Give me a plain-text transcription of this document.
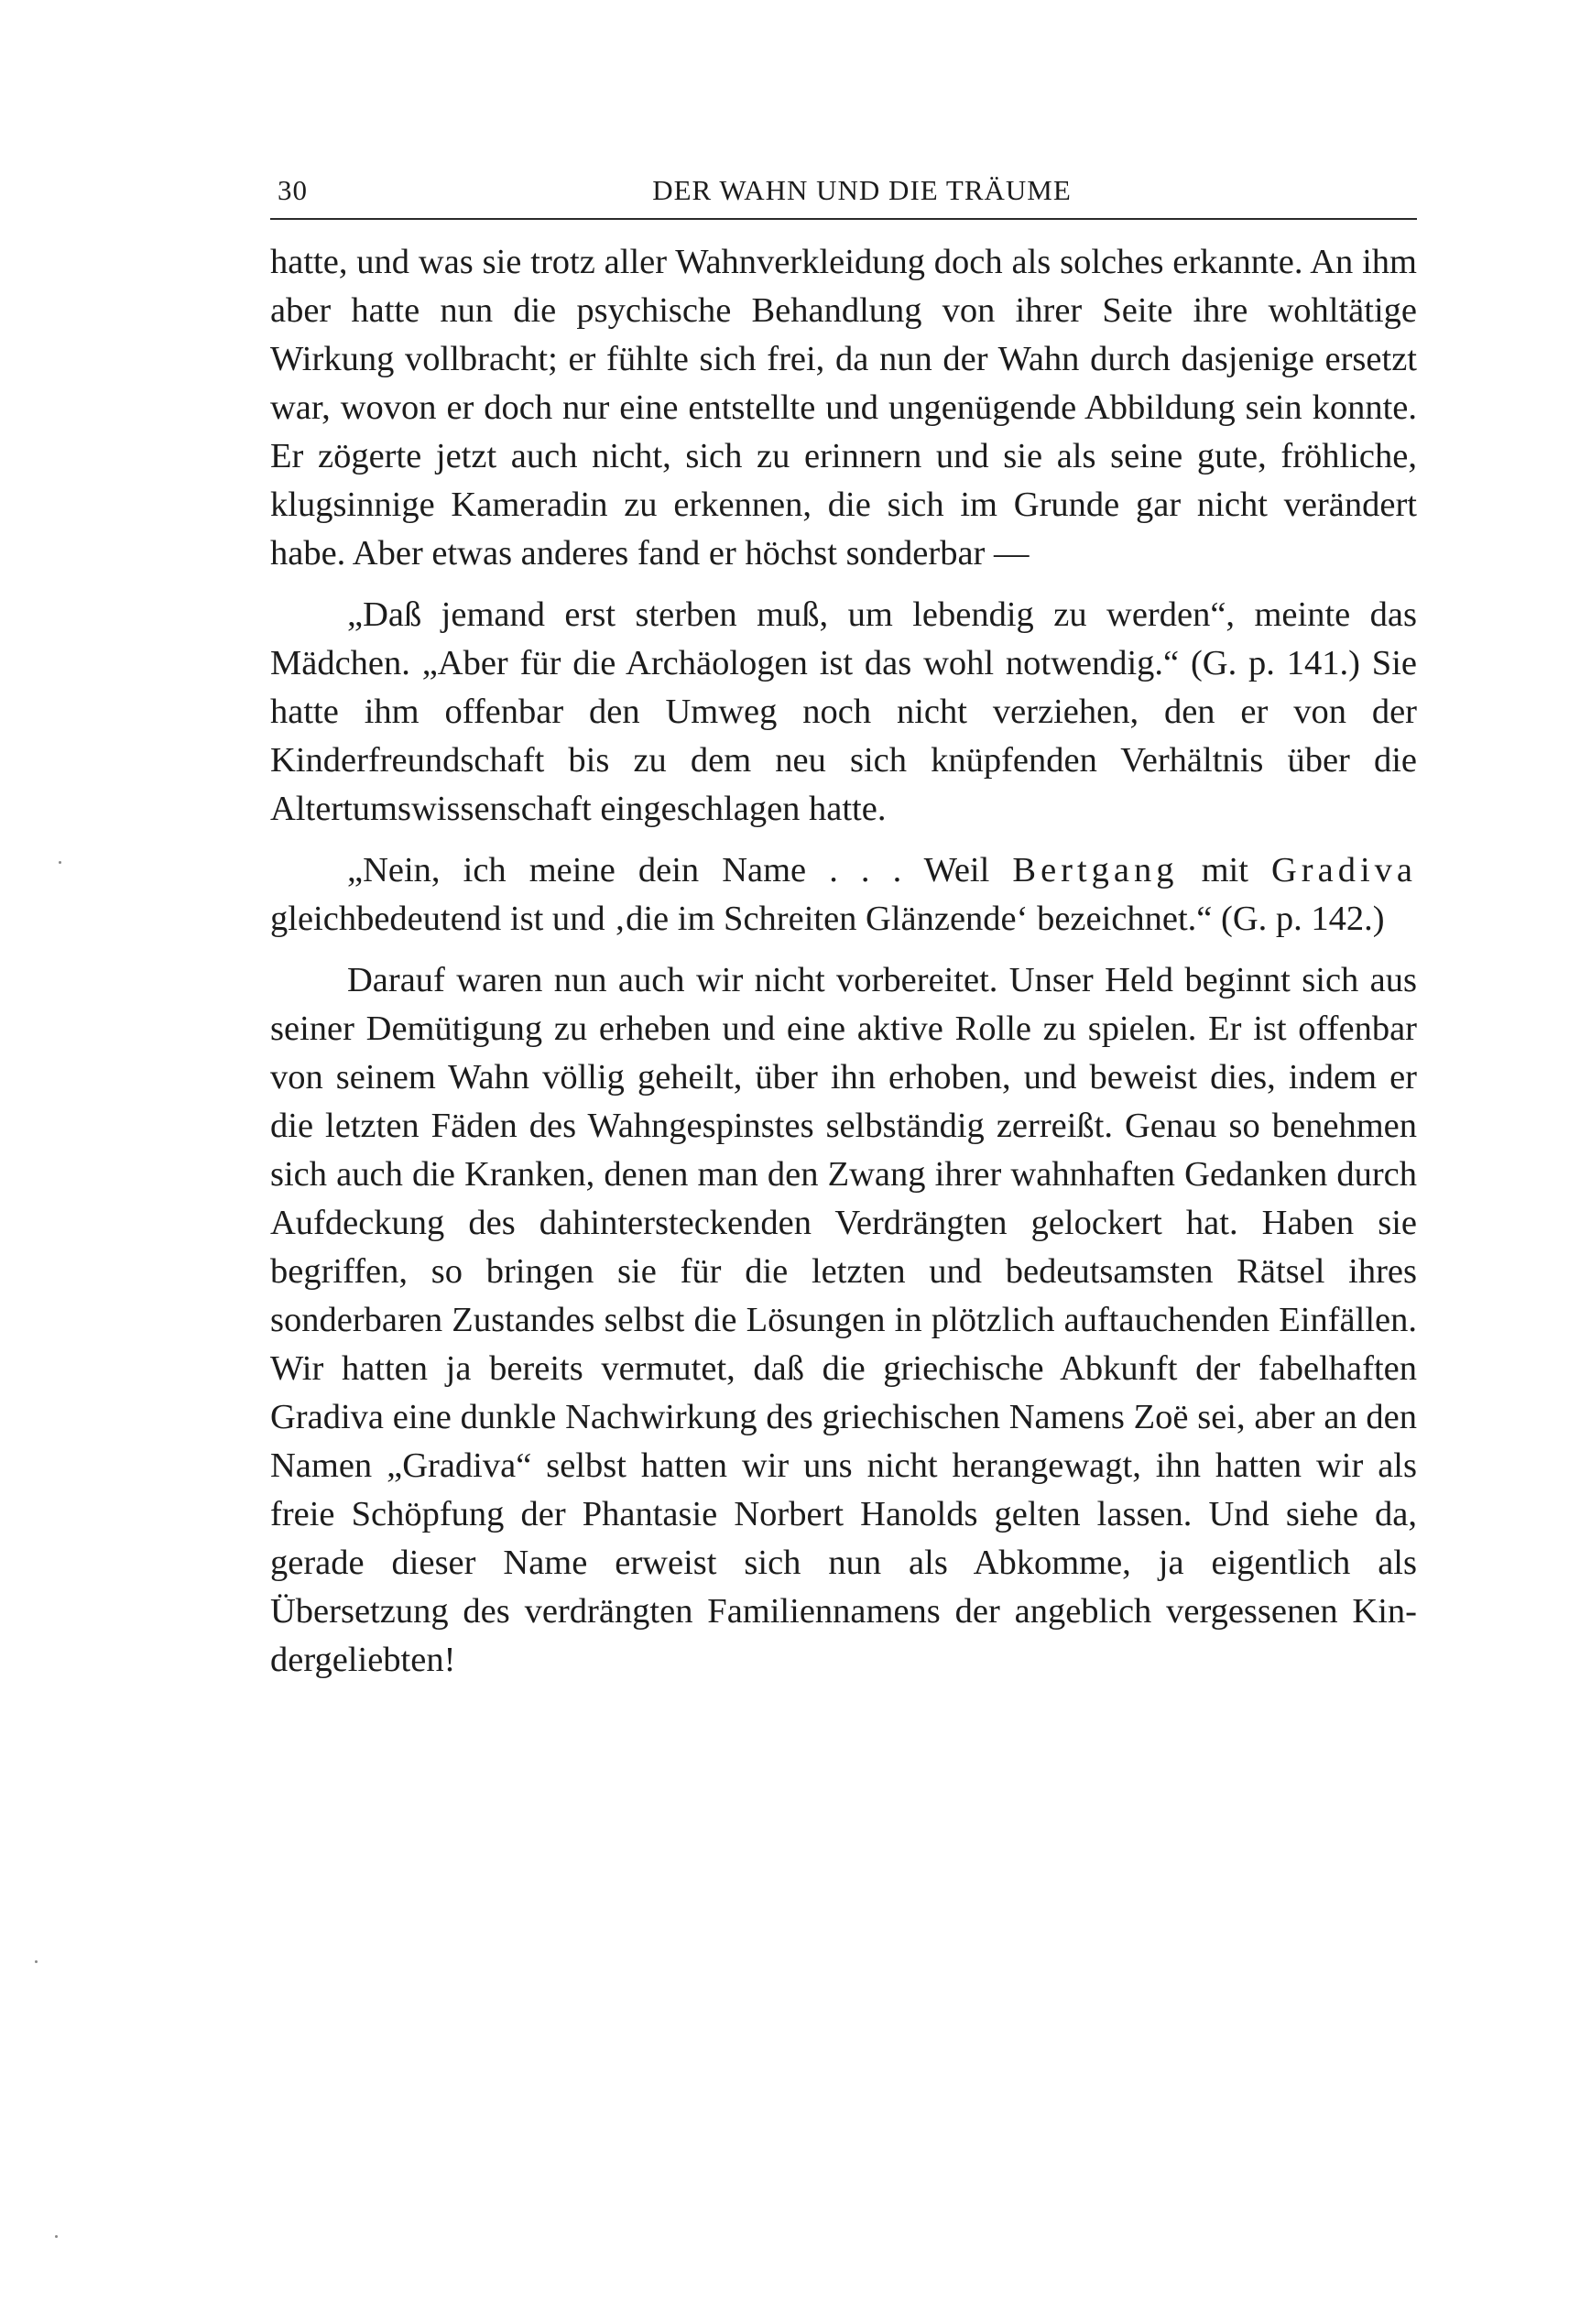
30	DER WAHN UND DIE TRÄUME

hatte, und was sie trotz aller Wahnverkleidung doch als solches erkannte. An ihm aber hatte nun die psychische Behandlung von ihrer Seite ihre wohltätige Wirkung vollbracht; er fühlte sich frei, da nun der Wahn durch dasjenige ersetzt war, wovon er doch nur eine entstellte und ungenügende Abbildung sein konnte. Er zögerte jetzt auch nicht, sich zu erinnern und sie als seine gute, fröhliche, klugsinnige Kameradin zu erkennen, die sich im Grunde gar nicht verändert habe. Aber etwas anderes fand er höchst sonderbar —

„Daß jemand erst sterben muß, um lebendig zu werden“, meinte das Mädchen. „Aber für die Archäologen ist das wohl notwendig.“ (G. p. 141.) Sie hatte ihm offenbar den Umweg noch nicht verziehen, den er von der Kinderfreundschaft bis zu dem neu sich knüpfenden Verhältnis über die Altertumswissenschaft eingeschlagen hatte.

„Nein, ich meine dein Name . . . Weil Bertgang mit Gradiva gleichbedeutend ist und ‚die im Schreiten Glänzende‘ bezeichnet.“ (G. p. 142.)

Darauf waren nun auch wir nicht vorbereitet. Unser Held beginnt sich aus seiner Demütigung zu erheben und eine aktive Rolle zu spielen. Er ist offenbar von seinem Wahn völlig geheilt, über ihn erhoben, und beweist dies, indem er die letzten Fäden des Wahngespinstes selbständig zerreißt. Genau so benehmen sich auch die Kranken, denen man den Zwang ihrer wahnhaften Gedanken durch Aufdeckung des dahintersteckenden Verdrängten gelockert hat. Haben sie begriffen, so bringen sie für die letzten und bedeutsamsten Rätsel ihres sonderbaren Zustandes selbst die Lösungen in plötzlich auftauchenden Einfällen. Wir hatten ja bereits vermutet, daß die griechische Abkunft der fabelhaften Gradiva eine dunkle Nachwirkung des griechischen Namens Zoë sei, aber an den Namen „Gradiva“ selbst hatten wir uns nicht herangewagt, ihn hatten wir als freie Schöpfung der Phantasie Norbert Hanolds gelten lassen. Und siehe da, gerade dieser Name erweist sich nun als Abkomme, ja eigentlich als Übersetzung des verdrängten Familiennamens der angeblich vergessenen Kindergeliebten!
